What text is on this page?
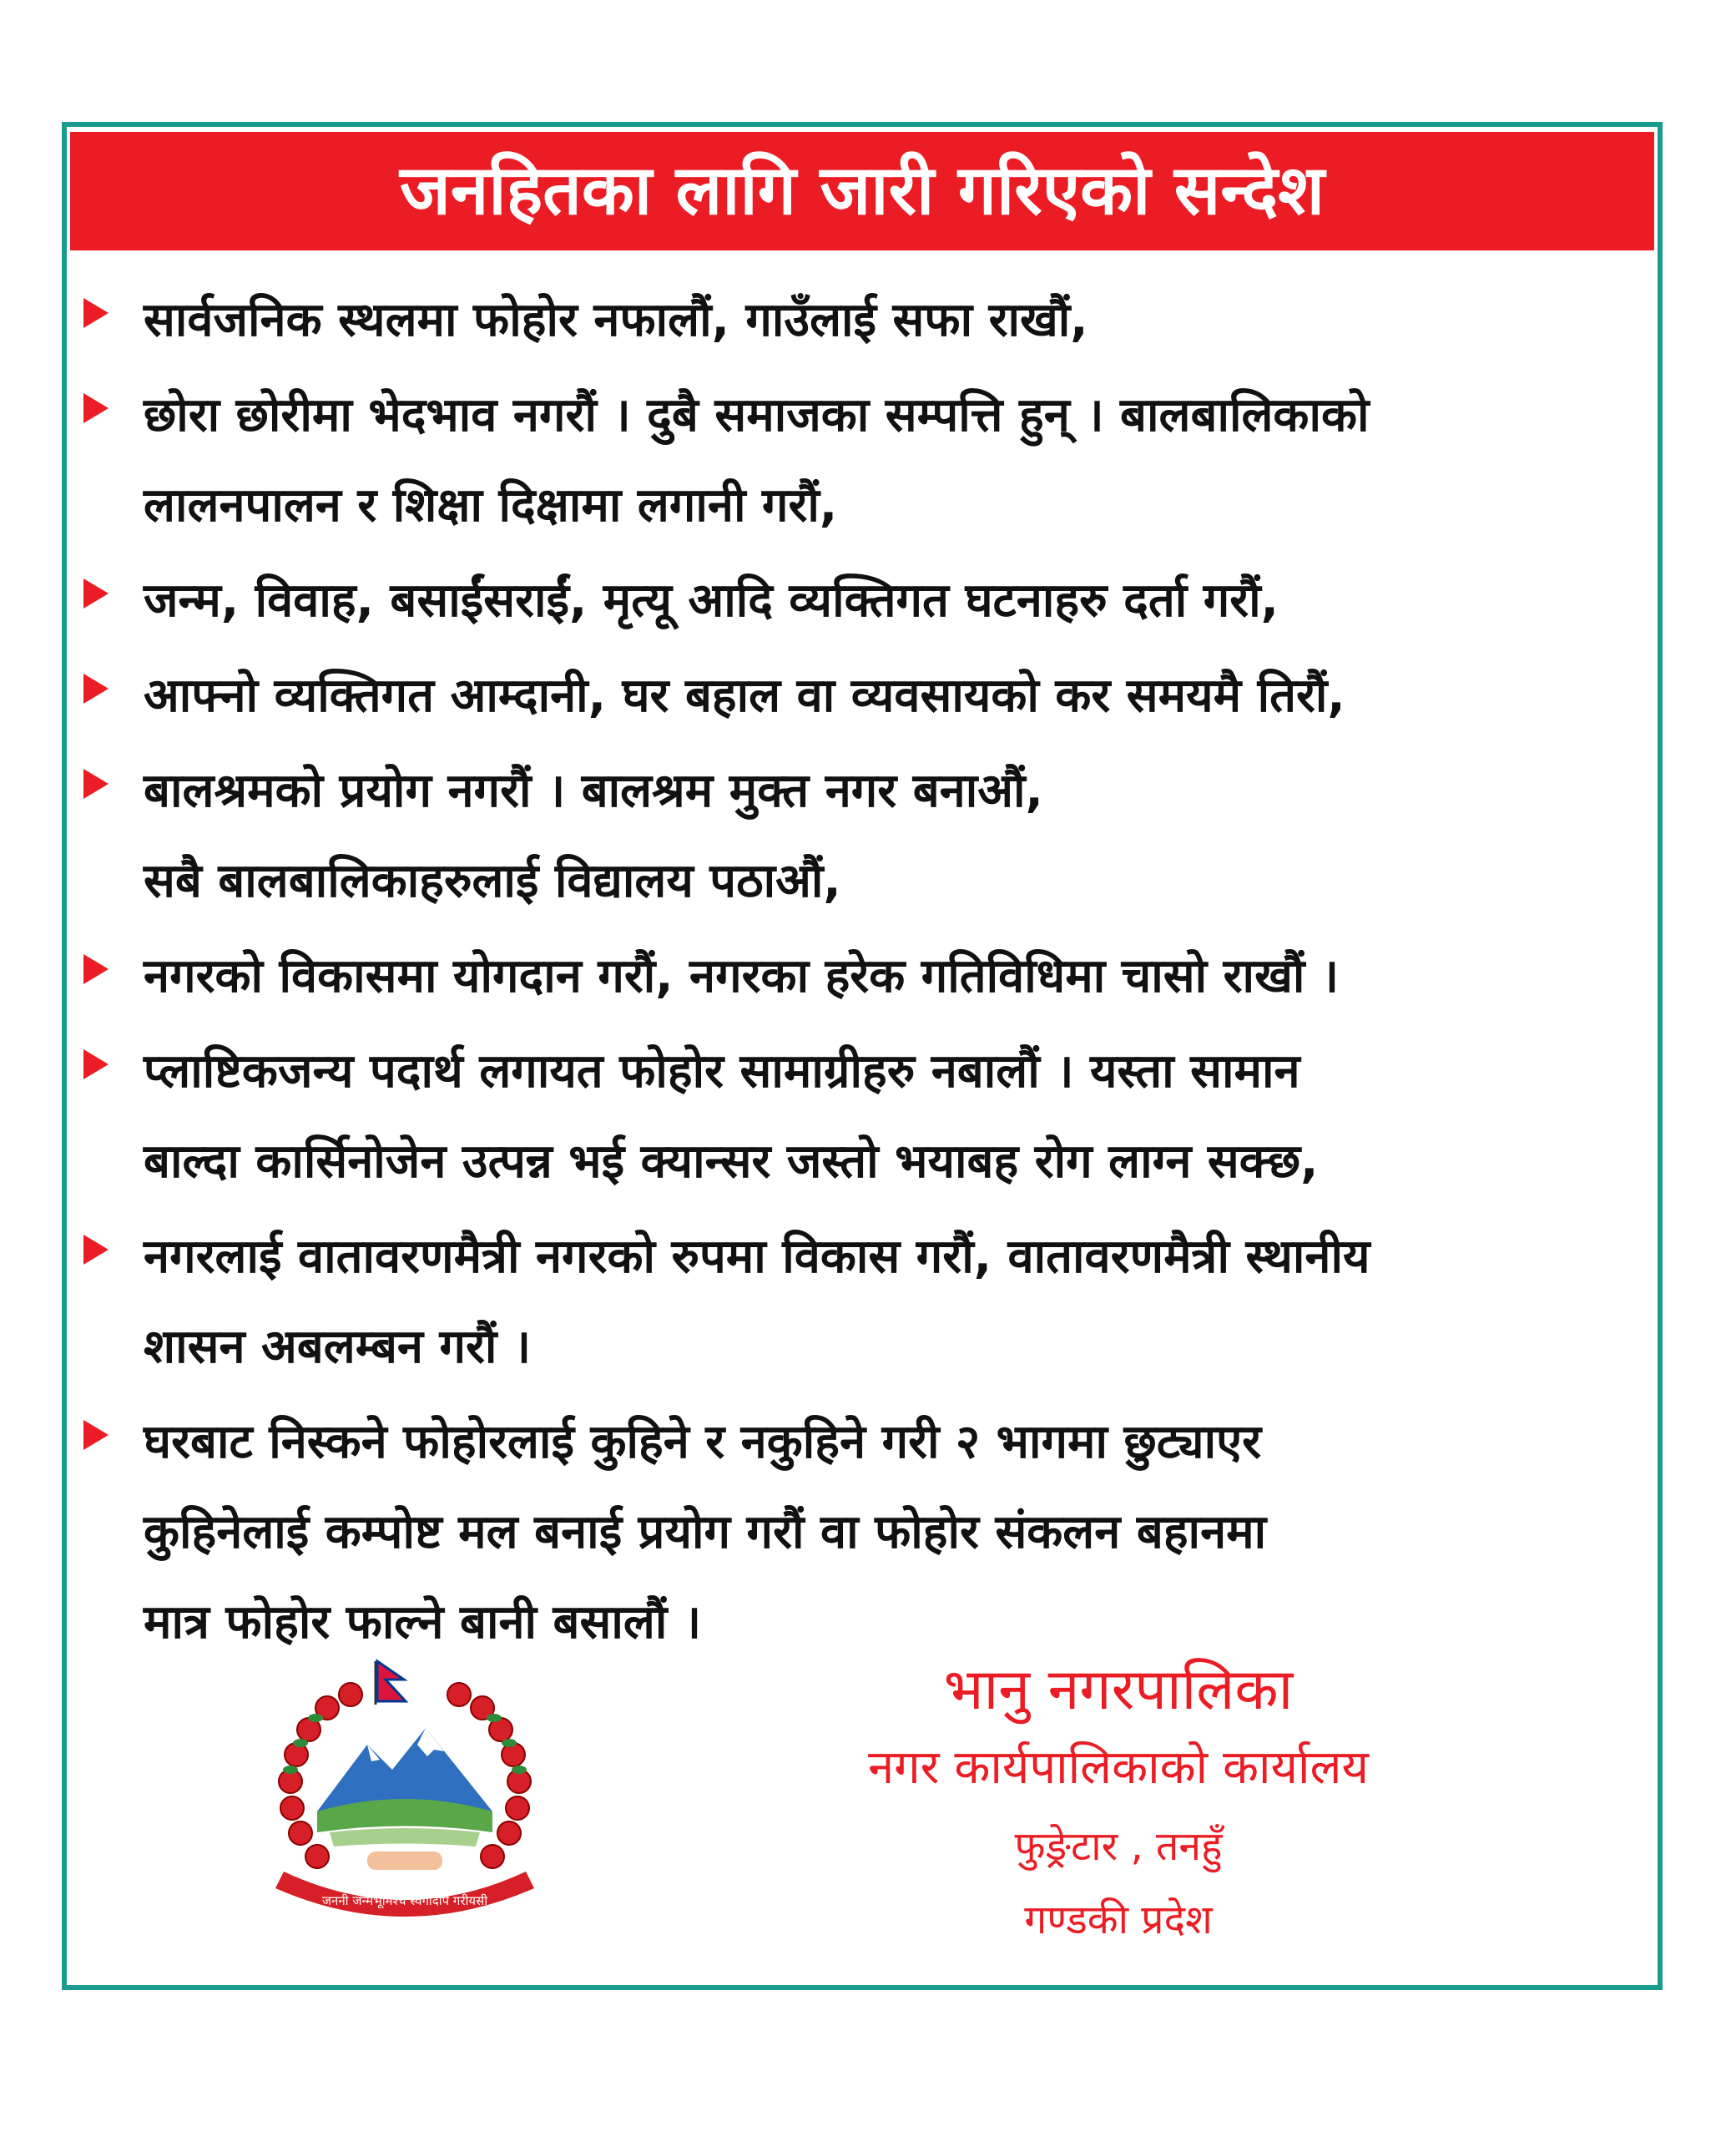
जनहितका लागि जारी गरिएको सन्देश
सार्वजनिक स्थलमा फोहोर नफालौं, गाउँलाई सफा राखौं,
छोरा छोरीमा भेदभाव नगरौं । दुबै समाजका सम्पत्ति हुन् । बालबालिकाको
लालनपालन र शिक्षा दिक्षामा लगानी गरौं,
जन्म, विवाह, बसाईंसराईं, मृत्यू आदि व्यक्तिगत घटनाहरु दर्ता गरौं,
आफ्नो व्यक्तिगत आम्दानी, घर बहाल वा व्यवसायको कर समयमै तिरौं,
बालश्रमको प्रयोग नगरौं । बालश्रम मुक्त नगर बनाऔं,
सबै बालबालिकाहरुलाई विद्यालय पठाऔं,
नगरको विकासमा योगदान गरौं, नगरका हरेक गतिविधिमा चासो राखौं ।
प्लाष्टिकजन्य पदार्थ लगायत फोहोर सामाग्रीहरु नबालौं । यस्ता सामान
बाल्दा कार्सिनोजेन उत्पन्न भई क्यान्सर जस्तो भयाबह रोग लाग्न सक्छ,
नगरलाई वातावरणमैत्री नगरको रुपमा विकास गरौं, वातावरणमैत्री स्थानीय
शासन अबलम्बन गरौं ।
घरबाट निस्कने फोहोरलाई कुहिने र नकुहिने गरी २ भागमा छुट्याएर
कुहिनेलाई कम्पोष्ट मल बनाई प्रयोग गरौं वा फोहोर संकलन बहानमा
मात्र फोहोर फाल्ने बानी बसालौं ।
जननी जन्मभूमिश्च स्वर्गादपि गरीयसी
भानु नगरपालिका
नगर कार्यपालिकाको कार्यालय
फुङ्रेटार , तनहुँ
गण्डकी प्रदेश
